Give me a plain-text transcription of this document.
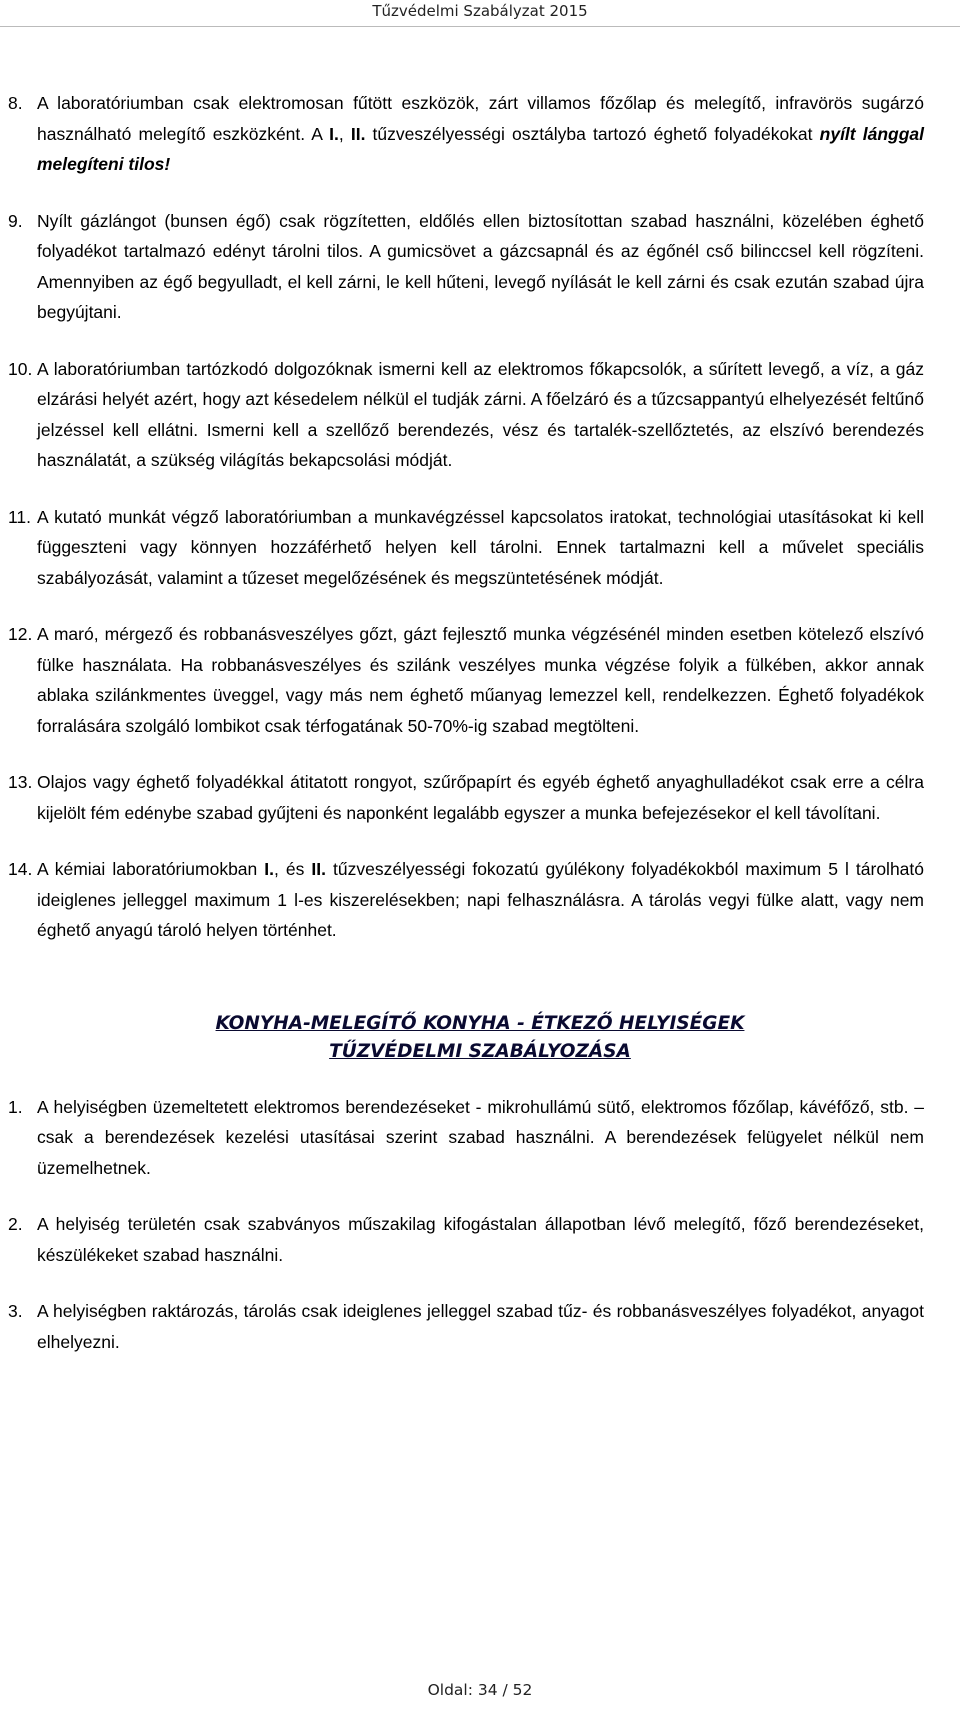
Tűzvédelmi Szabályzat 2015
8. A laboratóriumban csak elektromosan fűtött eszközök, zárt villamos főzőlap és melegítő, infravörös sugárzó használható melegítő eszközként. A I., II. tűzveszélyességi osztályba tartozó éghető folyadékokat nyílt lánggal melegíteni tilos!
9. Nyílt gázlángot (bunsen égő) csak rögzítetten, eldőlés ellen biztosítottan szabad használni, közelében éghető folyadékot tartalmazó edényt tárolni tilos. A gumicsövet a gázcsapnál és az égőnél cső bilinccsel kell rögzíteni. Amennyiben az égő begyulladt, el kell zárni, le kell hűteni, levegő nyílását le kell zárni és csak ezután szabad újra begyújtani.
10. A laboratóriumban tartózkodó dolgozóknak ismerni kell az elektromos főkapcsolók, a sűrített levegő, a víz, a gáz elzárási helyét azért, hogy azt késedelem nélkül el tudják zárni. A főelzáró és a tűzcsappantyú elhelyezését feltűnő jelzéssel kell ellátni. Ismerni kell a szellőző berendezés, vész és tartalék-szellőztetés, az elszívó berendezés használatát, a szükség világítás bekapcsolási módját.
11. A kutató munkát végző laboratóriumban a munkavégzéssel kapcsolatos iratokat, technológiai utasításokat ki kell függeszteni vagy könnyen hozzáférhető helyen kell tárolni. Ennek tartalmazni kell a művelet speciális szabályozását, valamint a tűzeset megelőzésének és megszüntetésének módját.
12. A maró, mérgező és robbanásveszélyes gőzt, gázt fejlesztő munka végzésénél minden esetben kötelező elszívó fülke használata. Ha robbanásveszélyes és szilánk veszélyes munka végzése folyik a fülkében, akkor annak ablaka szilánkmentes üveggel, vagy más nem éghető műanyag lemezzel kell, rendelkezzen. Éghető folyadékok forralására szolgáló lombikot csak térfogatának 50-70%-ig szabad megtölteni.
13. Olajos vagy éghető folyadékkal átitatott rongyot, szűrőpapírt és egyéb éghető anyaghulladékot csak erre a célra kijelölt fém edénybe szabad gyűjteni és naponként legalább egyszer a munka befejezésekor el kell távolítani.
14. A kémiai laboratóriumokban I., és II. tűzveszélyességi fokozatú gyúlékony folyadékokból maximum 5 l tárolható ideiglenes jelleggel maximum 1 l-es kiszerelésekben; napi felhasználásra. A tárolás vegyi fülke alatt, vagy nem éghető anyagú tároló helyen történhet.
KONYHA-MELEGÍTŐ KONYHA - ÉTKEZŐ HELYISÉGEK
TŰZVÉDELMI SZABÁLYOZÁSA
1. A helyiségben üzemeltetett elektromos berendezéseket - mikrohullámú sütő, elektromos főzőlap, kávéfőző, stb. – csak a berendezések kezelési utasításai szerint szabad használni. A berendezések felügyelet nélkül nem üzemelhetnek.
2. A helyiség területén csak szabványos műszakilag kifogástalan állapotban lévő melegítő, főző berendezéseket, készülékeket szabad használni.
3. A helyiségben raktározás, tárolás csak ideiglenes jelleggel szabad tűz- és robbanásveszélyes folyadékot, anyagot elhelyezni.
Oldal: 34 / 52
